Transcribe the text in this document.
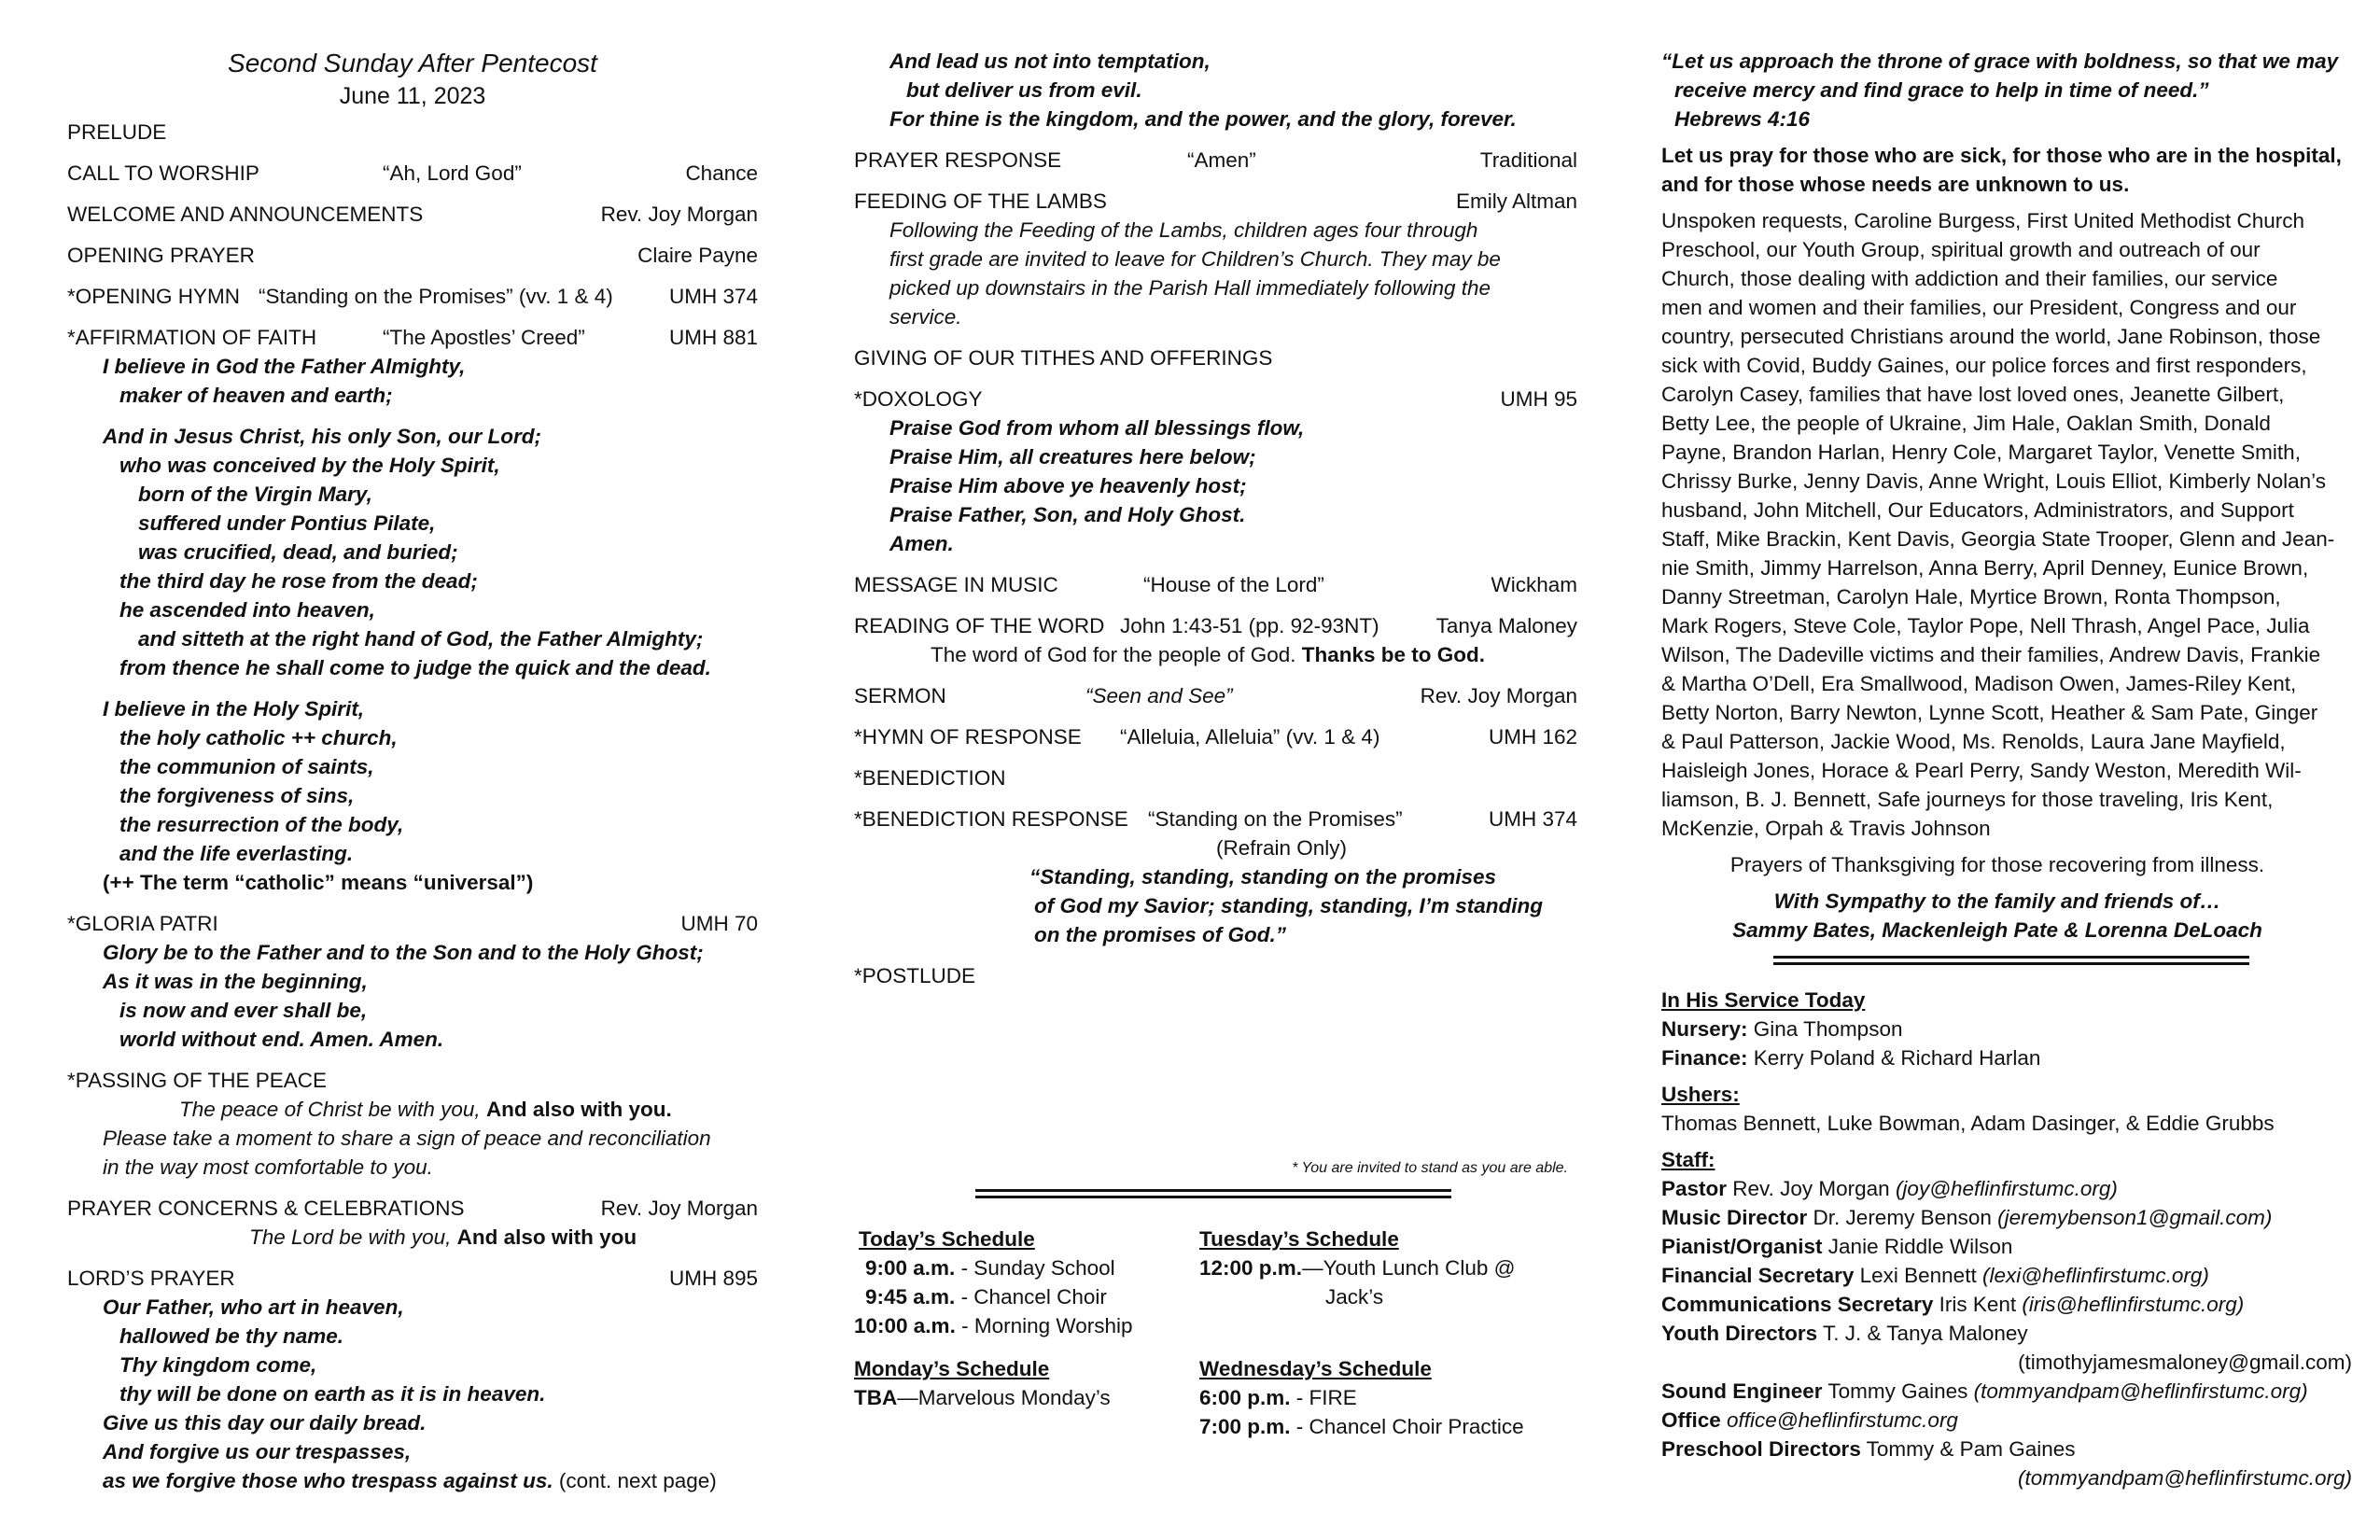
Second Sunday After Pentecost
June 11, 2023
PRELUDE
CALL TO WORSHIP	“Ah, Lord God”	Chance
WELCOME AND ANNOUNCEMENTS	Rev. Joy Morgan
OPENING PRAYER	Claire Payne
*OPENING HYMN “Standing on the Promises” (vv. 1 & 4)	UMH 374
*AFFIRMATION OF FAITH	“The Apostles’ Creed”	UMH 881
I believe in God the Father Almighty,
maker of heaven and earth;
And in Jesus Christ, his only Son, our Lord;
who was conceived by the Holy Spirit,
born of the Virgin Mary,
suffered under Pontius Pilate,
was crucified, dead, and buried;
the third day he rose from the dead;
he ascended into heaven,
and sitteth at the right hand of God, the Father Almighty;
from thence he shall come to judge the quick and the dead.
I believe in the Holy Spirit,
the holy catholic ++ church,
the communion of saints,
the forgiveness of sins,
the resurrection of the body,
and the life everlasting.
(++ The term “catholic” means “universal”)
*GLORIA PATRI	UMH 70
Glory be to the Father and to the Son and to the Holy Ghost;
As it was in the beginning,
is now and ever shall be,
world without end. Amen. Amen.
*PASSING OF THE PEACE
The peace of Christ be with you, And also with you.
Please take a moment to share a sign of peace and reconciliation
in the way most comfortable to you.
PRAYER CONCERNS & CELEBRATIONS	Rev. Joy Morgan
The Lord be with you, And also with you
LORD’S PRAYER	UMH 895
Our Father, who art in heaven,
hallowed be thy name.
Thy kingdom come,
thy will be done on earth as it is in heaven.
Give us this day our daily bread.
And forgive us our trespasses,
as we forgive those who trespass against us. (cont. next page)
And lead us not into temptation,
but deliver us from evil.
For thine is the kingdom, and the power, and the glory, forever.
PRAYER RESPONSE	“Amen”	Traditional
FEEDING OF THE LAMBS	Emily Altman
Following the Feeding of the Lambs, children ages four through
first grade are invited to leave for Children’s Church. They may be
picked up downstairs in the Parish Hall immediately following the
service.
GIVING OF OUR TITHES AND OFFERINGS
*DOXOLOGY	UMH 95
Praise God from whom all blessings flow,
Praise Him, all creatures here below;
Praise Him above ye heavenly host;
Praise Father, Son, and Holy Ghost.
Amen.
MESSAGE IN MUSIC	“House of the Lord”	Wickham
READING OF THE WORD John 1:43-51 (pp. 92-93NT)	Tanya Maloney
The word of God for the people of God. Thanks be to God.
SERMON	“Seen and See”	Rev. Joy Morgan
*HYMN OF RESPONSE “Alleluia, Alleluia” (vv. 1 & 4)	UMH 162
*BENEDICTION
*BENEDICTION RESPONSE “Standing on the Promises”	UMH 374
(Refrain Only)
“Standing, standing, standing on the promises
of God my Savior; standing, standing, I’m standing
on the promises of God.”
*POSTLUDE
* You are invited to stand as you are able.
Today’s Schedule
9:00 a.m. - Sunday School
9:45 a.m. - Chancel Choir
10:00 a.m. - Morning Worship
Monday’s Schedule
TBA—Marvelous Monday’s
Tuesday’s Schedule
12:00 p.m.—Youth Lunch Club @
Jack’s
Wednesday’s Schedule
6:00 p.m. - FIRE
7:00 p.m. - Chancel Choir Practice
“Let us approach the throne of grace with boldness, so that we may
receive mercy and find grace to help in time of need.”
Hebrews 4:16
Let us pray for those who are sick, for those who are in the hospital,
and for those whose needs are unknown to us.
Unspoken requests, Caroline Burgess, First United Methodist Church
Preschool, our Youth Group, spiritual growth and outreach of our
Church, those dealing with addiction and their families, our service
men and women and their families, our President, Congress and our
country, persecuted Christians around the world, Jane Robinson, those
sick with Covid, Buddy Gaines, our police forces and first responders,
Carolyn Casey, families that have lost loved ones, Jeanette Gilbert,
Betty Lee, the people of Ukraine, Jim Hale, Oaklan Smith, Donald
Payne, Brandon Harlan, Henry Cole, Margaret Taylor, Venette Smith,
Chrissy Burke, Jenny Davis, Anne Wright, Louis Elliot, Kimberly Nolan’s
husband, John Mitchell, Our Educators, Administrators, and Support
Staff, Mike Brackin, Kent Davis, Georgia State Trooper, Glenn and Jean-
nie Smith, Jimmy Harrelson, Anna Berry, April Denney, Eunice Brown,
Danny Streetman, Carolyn Hale, Myrtice Brown, Ronta Thompson,
Mark Rogers, Steve Cole, Taylor Pope, Nell Thrash, Angel Pace, Julia
Wilson, The Dadeville victims and their families, Andrew Davis, Frankie
& Martha O’Dell, Era Smallwood, Madison Owen, James-Riley Kent,
Betty Norton, Barry Newton, Lynne Scott, Heather & Sam Pate, Ginger
& Paul Patterson, Jackie Wood, Ms. Renolds, Laura Jane Mayfield,
Haisleigh Jones, Horace & Pearl Perry, Sandy Weston, Meredith Wil-
liamson, B. J. Bennett, Safe journeys for those traveling, Iris Kent,
McKenzie, Orpah & Travis Johnson
Prayers of Thanksgiving for those recovering from illness.
With Sympathy to the family and friends of…
Sammy Bates, Mackenleigh Pate & Lorenna DeLoach
In His Service Today
Nursery: Gina Thompson
Finance: Kerry Poland & Richard Harlan
Ushers:
Thomas Bennett, Luke Bowman, Adam Dasinger, & Eddie Grubbs
Staff:
Pastor Rev. Joy Morgan (joy@heflinfirstumc.org)
Music Director Dr. Jeremy Benson (jeremybenson1@gmail.com)
Pianist/Organist Janie Riddle Wilson
Financial Secretary Lexi Bennett (lexi@heflinfirstumc.org)
Communications Secretary Iris Kent (iris@heflinfirstumc.org)
Youth Directors T. J. & Tanya Maloney
(timothyjamesmaloney@gmail.com)
Sound Engineer Tommy Gaines (tommyandpam@heflinfirstumc.org)
Office office@heflinfirstumc.org
Preschool Directors Tommy & Pam Gaines
(tommyandpam@heflinfirstumc.org)
